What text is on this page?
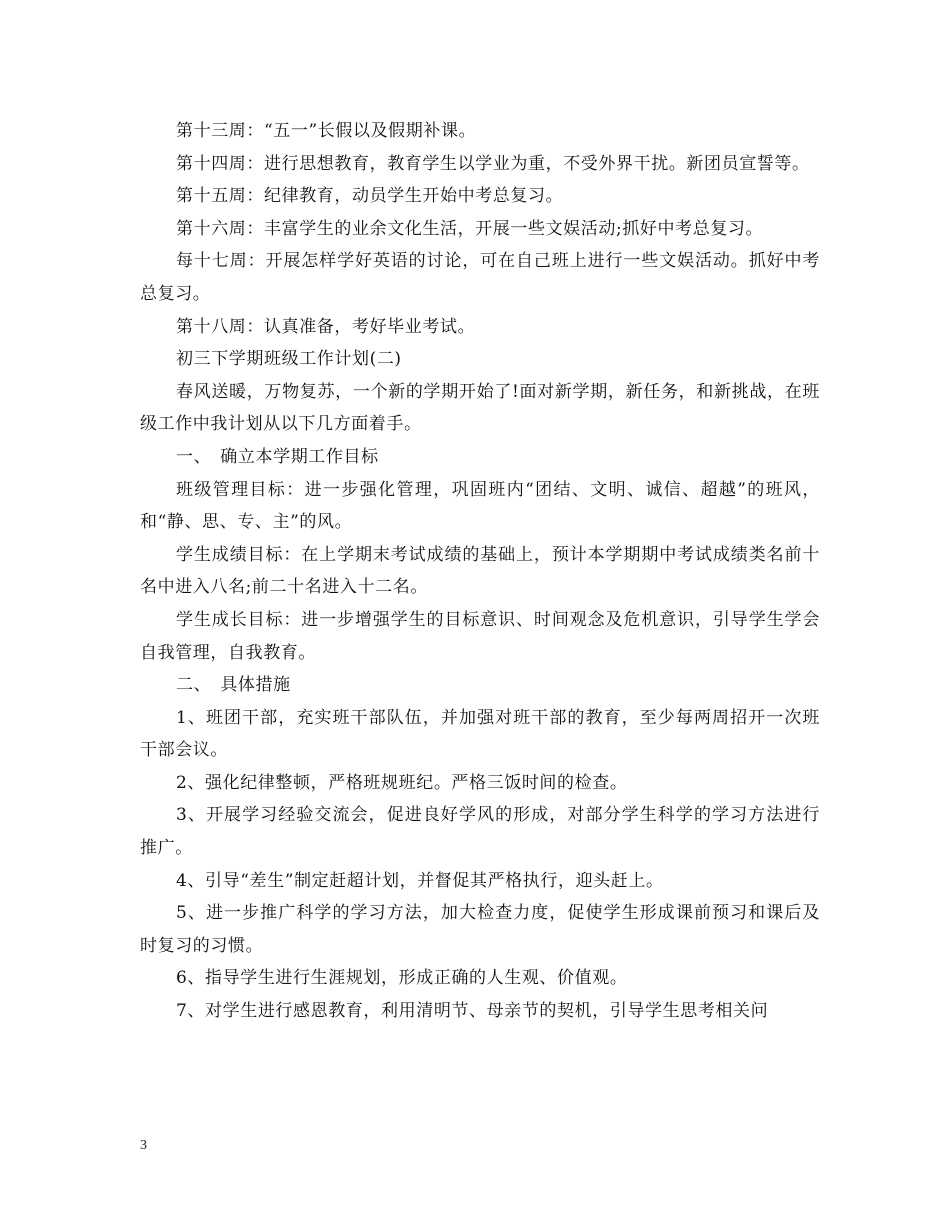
第十三周：“五一”长假以及假期补课。

第十四周：进行思想教育，教育学生以学业为重，不受外界干扰。新团员宣誓等。

第十五周：纪律教育，动员学生开始中考总复习。

第十六周：丰富学生的业余文化生活，开展一些文娱活动;抓好中考总复习。

每十七周：开展怎样学好英语的讨论，可在自己班上进行一些文娱活动。抓好中考总复习。

第十八周：认真准备，考好毕业考试。

初三下学期班级工作计划(二)

春风送暖，万物复苏，一个新的学期开始了!面对新学期，新任务，和新挑战，在班级工作中我计划从以下几方面着手。

一、　确立本学期工作目标

班级管理目标：进一步强化管理，巩固班内“团结、文明、诚信、超越”的班风，和“静、思、专、主”的风。

学生成绩目标：在上学期末考试成绩的基础上，预计本学期期中考试成绩类名前十名中进入八名;前二十名进入十二名。

学生成长目标：进一步增强学生的目标意识、时间观念及危机意识，引导学生学会自我管理，自我教育。

二、　具体措施

1、班团干部，充实班干部队伍，并加强对班干部的教育，至少每两周招开一次班干部会议。

2、强化纪律整顿，严格班规班纪。严格三饭时间的检查。

3、开展学习经验交流会，促进良好学风的形成，对部分学生科学的学习方法进行推广。

4、引导“差生”制定赶超计划，并督促其严格执行，迎头赶上。

5、进一步推广科学的学习方法，加大检查力度，促使学生形成课前预习和课后及时复习的习惯。

6、指导学生进行生涯规划，形成正确的人生观、价值观。

7、对学生进行感恩教育，利用清明节、母亲节的契机，引导学生思考相关问

3
